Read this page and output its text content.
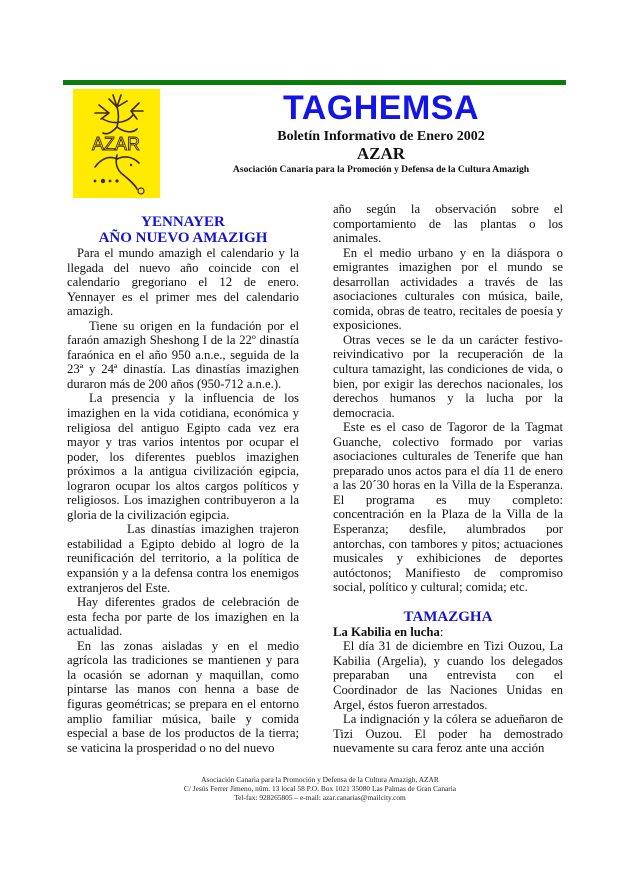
AZAR
TAGHEMSA
Boletín Informativo de Enero 2002
AZAR
Asociación Canaria para la Promoción y Defensa de la Cultura Amazigh
YENNAYER
AÑO NUEVO AMAZIGH

Para el mundo amazigh el calendario y la llegada del nuevo año coincide con el calendario gregoriano el 12 de enero. Yennayer es el primer mes del calendario amazigh.

Tiene su origen en la fundación por el faraón amazigh Sheshong I de la 22º dinastía faraónica en el año 950 a.n.e., seguida de la 23ª y 24ª dinastía. Las dinastías imazighen duraron más de 200 años (950-712 a.n.e.).

La presencia y la influencia de los imazighen en la vida cotidiana, económica y religiosa del antiguo Egipto cada vez era mayor y tras varios intentos por ocupar el poder, los diferentes pueblos imazighen próximos a la antigua civilización egipcia, lograron ocupar los altos cargos políticos y religiosos. Los imazighen contribuyeron a la gloria de la civilización egipcia.

Las dinastías imazighen trajeron estabilidad a Egipto debido al logro de la reunificación del territorio, a la política de expansión y a la defensa contra los enemigos extranjeros del Este.

Hay diferentes grados de celebración de esta fecha por parte de los imazighen en la actualidad.

En las zonas aisladas y en el medio agrícola las tradiciones se mantienen y para la ocasión se adornan y maquillan, como pintarse las manos con henna a base de figuras geométricas; se prepara en el entorno amplio familiar música, baile y comida especial a base de los productos de la tierra; se vaticina la prosperidad o no del nuevo

año según la observación sobre el comportamiento de las plantas o los animales.

En el medio urbano y en la diáspora o emigrantes imazighen por el mundo se desarrollan actividades a través de las asociaciones culturales con música, baile, comida, obras de teatro, recitales de poesía y exposiciones.

Otras veces se le da un carácter festivo-reivindicativo por la recuperación de la cultura tamazight, las condiciones de vida, o bien, por exigir las derechos nacionales, los derechos humanos y la lucha por la democracia.

Este es el caso de Tagoror de la Tagmat Guanche, colectivo formado por varias asociaciones culturales de Tenerife que han preparado unos actos para el día 11 de enero a las 20´30 horas en la Villa de la Esperanza. El programa es muy completo: concentración en la Plaza de la Villa de la Esperanza; desfile, alumbrados por antorchas, con tambores y pitos; actuaciones musicales y exhibiciones de deportes autóctonos; Manifiesto de compromiso social, político y cultural; comida; etc.

TAMAZGHA

La Kabilia en lucha:

El día 31 de diciembre en Tizi Ouzou, La Kabilia (Argelia), y cuando los delegados preparaban una entrevista con el Coordinador de las Naciones Unidas en Argel, éstos fueron arrestados.

La indignación y la cólera se adueñaron de Tizi Ouzou. El poder ha demostrado nuevamente su cara feroz ante una acción

Asociación Canaria para la Promoción y Defensa de la Cultura Amazigh, AZAR
C/ Jesús Ferrer Jimeno, núm. 13 local 58 P.O. Box 1021 35080 Las Palmas de Gran Canaria
Tel-fax: 928265805 – e-mail: azar.canarias@mailcity.com
